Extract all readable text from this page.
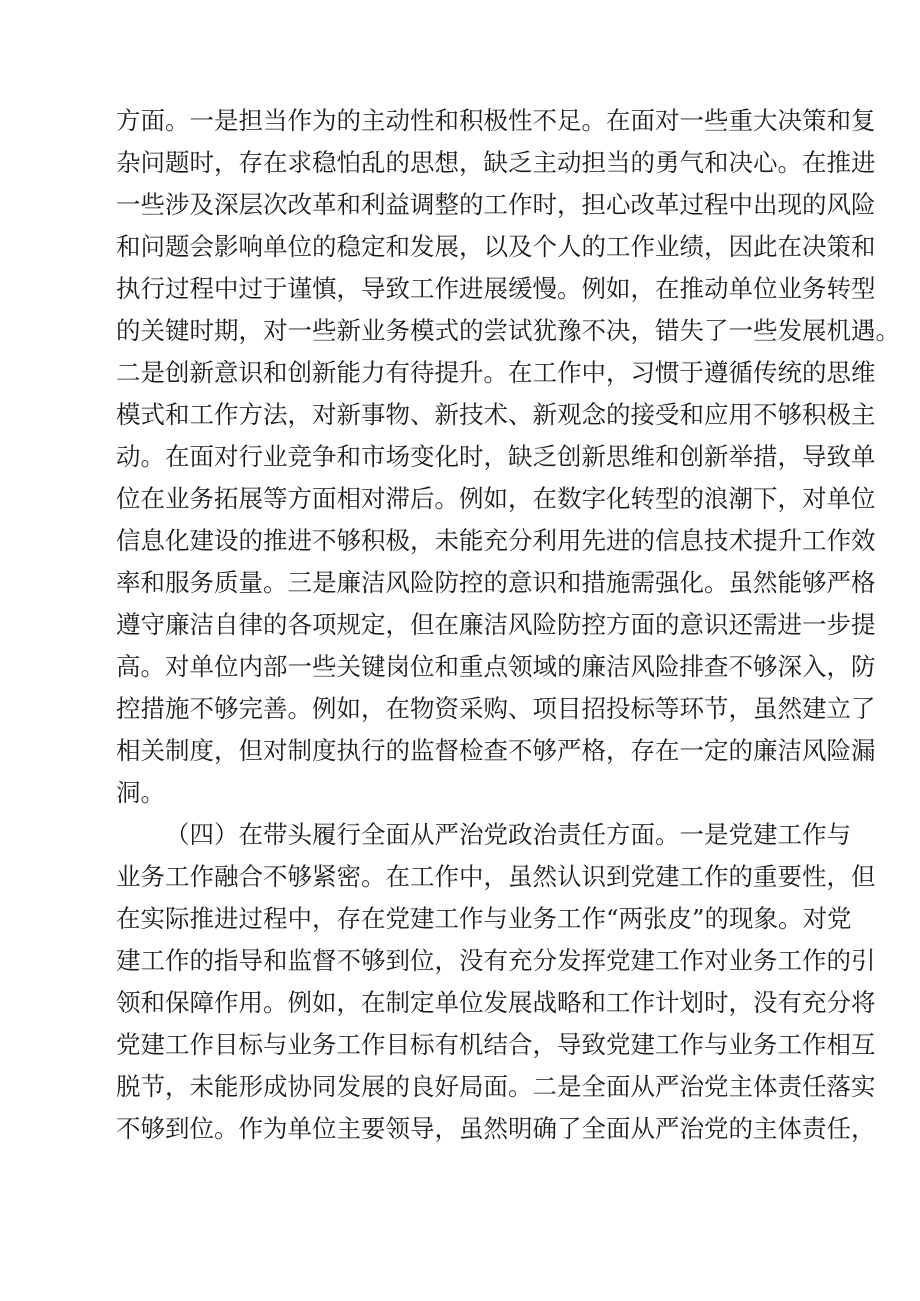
方面。一是担当作为的主动性和积极性不足。在面对一些重大决策和复
杂问题时，存在求稳怕乱的思想，缺乏主动担当的勇气和决心。在推进
一些涉及深层次改革和利益调整的工作时，担心改革过程中出现的风险
和问题会影响单位的稳定和发展，以及个人的工作业绩，因此在决策和
执行过程中过于谨慎，导致工作进展缓慢。例如，在推动单位业务转型
的关键时期，对一些新业务模式的尝试犹豫不决，错失了一些发展机遇。
二是创新意识和创新能力有待提升。在工作中，习惯于遵循传统的思维
模式和工作方法，对新事物、新技术、新观念的接受和应用不够积极主
动。在面对行业竞争和市场变化时，缺乏创新思维和创新举措，导致单
位在业务拓展等方面相对滞后。例如，在数字化转型的浪潮下，对单位
信息化建设的推进不够积极，未能充分利用先进的信息技术提升工作效
率和服务质量。三是廉洁风险防控的意识和措施需强化。虽然能够严格
遵守廉洁自律的各项规定，但在廉洁风险防控方面的意识还需进一步提
高。对单位内部一些关键岗位和重点领域的廉洁风险排查不够深入，防
控措施不够完善。例如，在物资采购、项目招投标等环节，虽然建立了
相关制度，但对制度执行的监督检查不够严格，存在一定的廉洁风险漏
洞。
（四）在带头履行全面从严治党政治责任方面。一是党建工作与
业务工作融合不够紧密。在工作中，虽然认识到党建工作的重要性，但
在实际推进过程中，存在党建工作与业务工作“两张皮”的现象。对党
建工作的指导和监督不够到位，没有充分发挥党建工作对业务工作的引
领和保障作用。例如，在制定单位发展战略和工作计划时，没有充分将
党建工作目标与业务工作目标有机结合，导致党建工作与业务工作相互
脱节，未能形成协同发展的良好局面。二是全面从严治党主体责任落实
不够到位。作为单位主要领导，虽然明确了全面从严治党的主体责任，
